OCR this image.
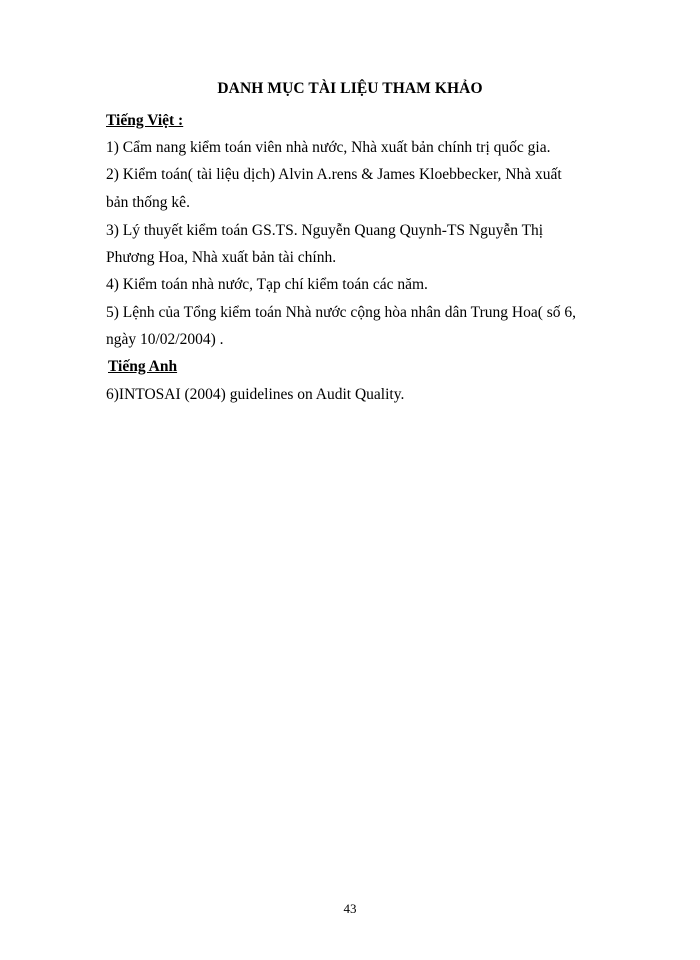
DANH MỤC TÀI LIỆU THAM KHẢO
Tiếng Việt :
1) Cẩm nang kiểm toán viên nhà nước, Nhà xuất bản chính trị quốc gia.
2) Kiểm toán( tài liệu dịch) Alvin A.rens & James Kloebbecker, Nhà xuất
bản thống kê.
3) Lý thuyết kiểm toán GS.TS. Nguyễn Quang Quynh-TS Nguyễn Thị
Phương Hoa, Nhà xuất bản tài chính.
4) Kiểm toán nhà nước, Tạp chí kiểm toán các năm.
5) Lệnh của Tổng kiểm toán Nhà nước cộng hòa nhân dân Trung Hoa( số 6,
ngày 10/02/2004) .
Tiếng Anh
6)INTOSAI (2004) guidelines on Audit Quality.
43
